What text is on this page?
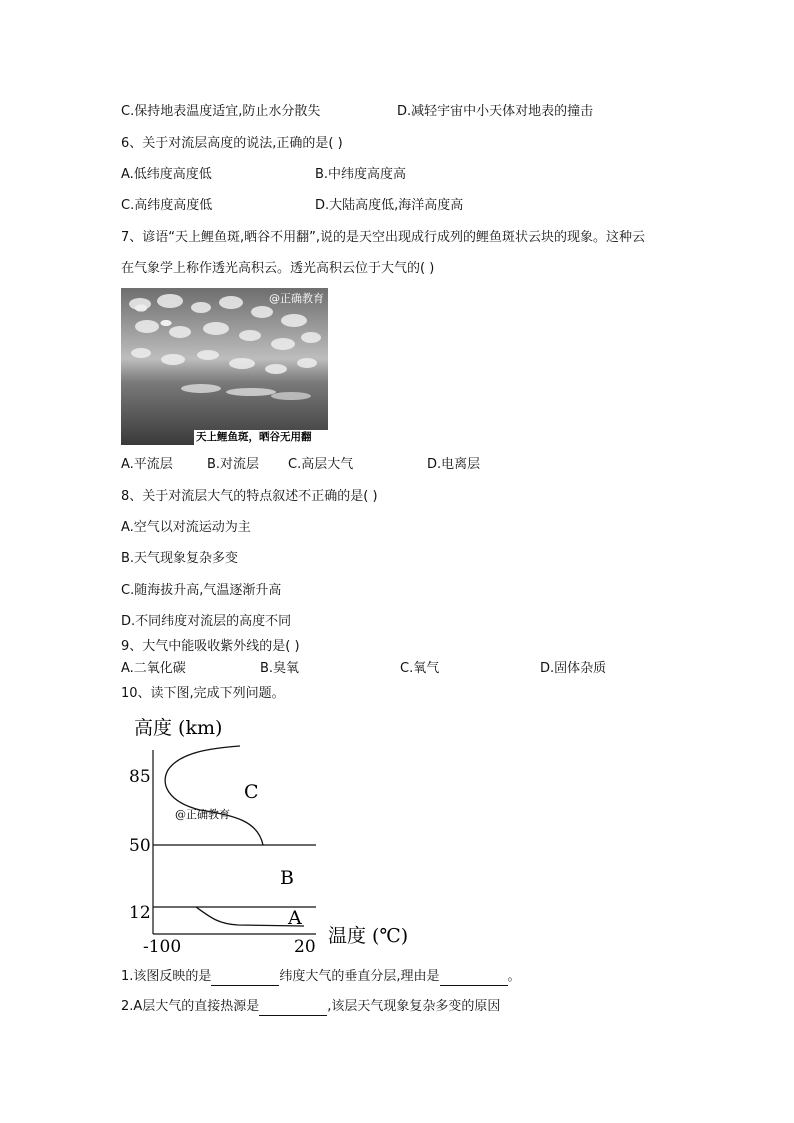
C.保持地表温度适宜,防止水分散失	D.减轻宇宙中小天体对地表的撞击
6、关于对流层高度的说法,正确的是( )
A.低纬度高度低	B.中纬度高度高
C.高纬度高度低	D.大陆高度低,海洋高度高
7、谚语“天上鲤鱼斑,晒谷不用翻”,说的是天空出现成行成列的鲤鱼斑状云块的现象。这种云
在气象学上称作透光高积云。透光高积云位于大气的( )
@正确教育
天上鲤鱼斑，晒谷无用翻
A.平流层	B.对流层 C.高层大气	D.电离层
8、关于对流层大气的特点叙述不正确的是( )
A.空气以对流运动为主
B.天气现象复杂多变
C.随海拔升高,气温逐渐升高
D.不同纬度对流层的高度不同
9、大气中能吸收紫外线的是( )
A.二氧化碳	B.臭氧	C.氧气	D.固体杂质
10、读下图,完成下列问题。
高度 (km)
85
50
12
-100	20 温度 (℃)
C
B
A
@正确教育
1.该图反映的是	纬度大气的垂直分层,理由是	。
2.A层大气的直接热源是	,该层天气现象复杂多变的原因
